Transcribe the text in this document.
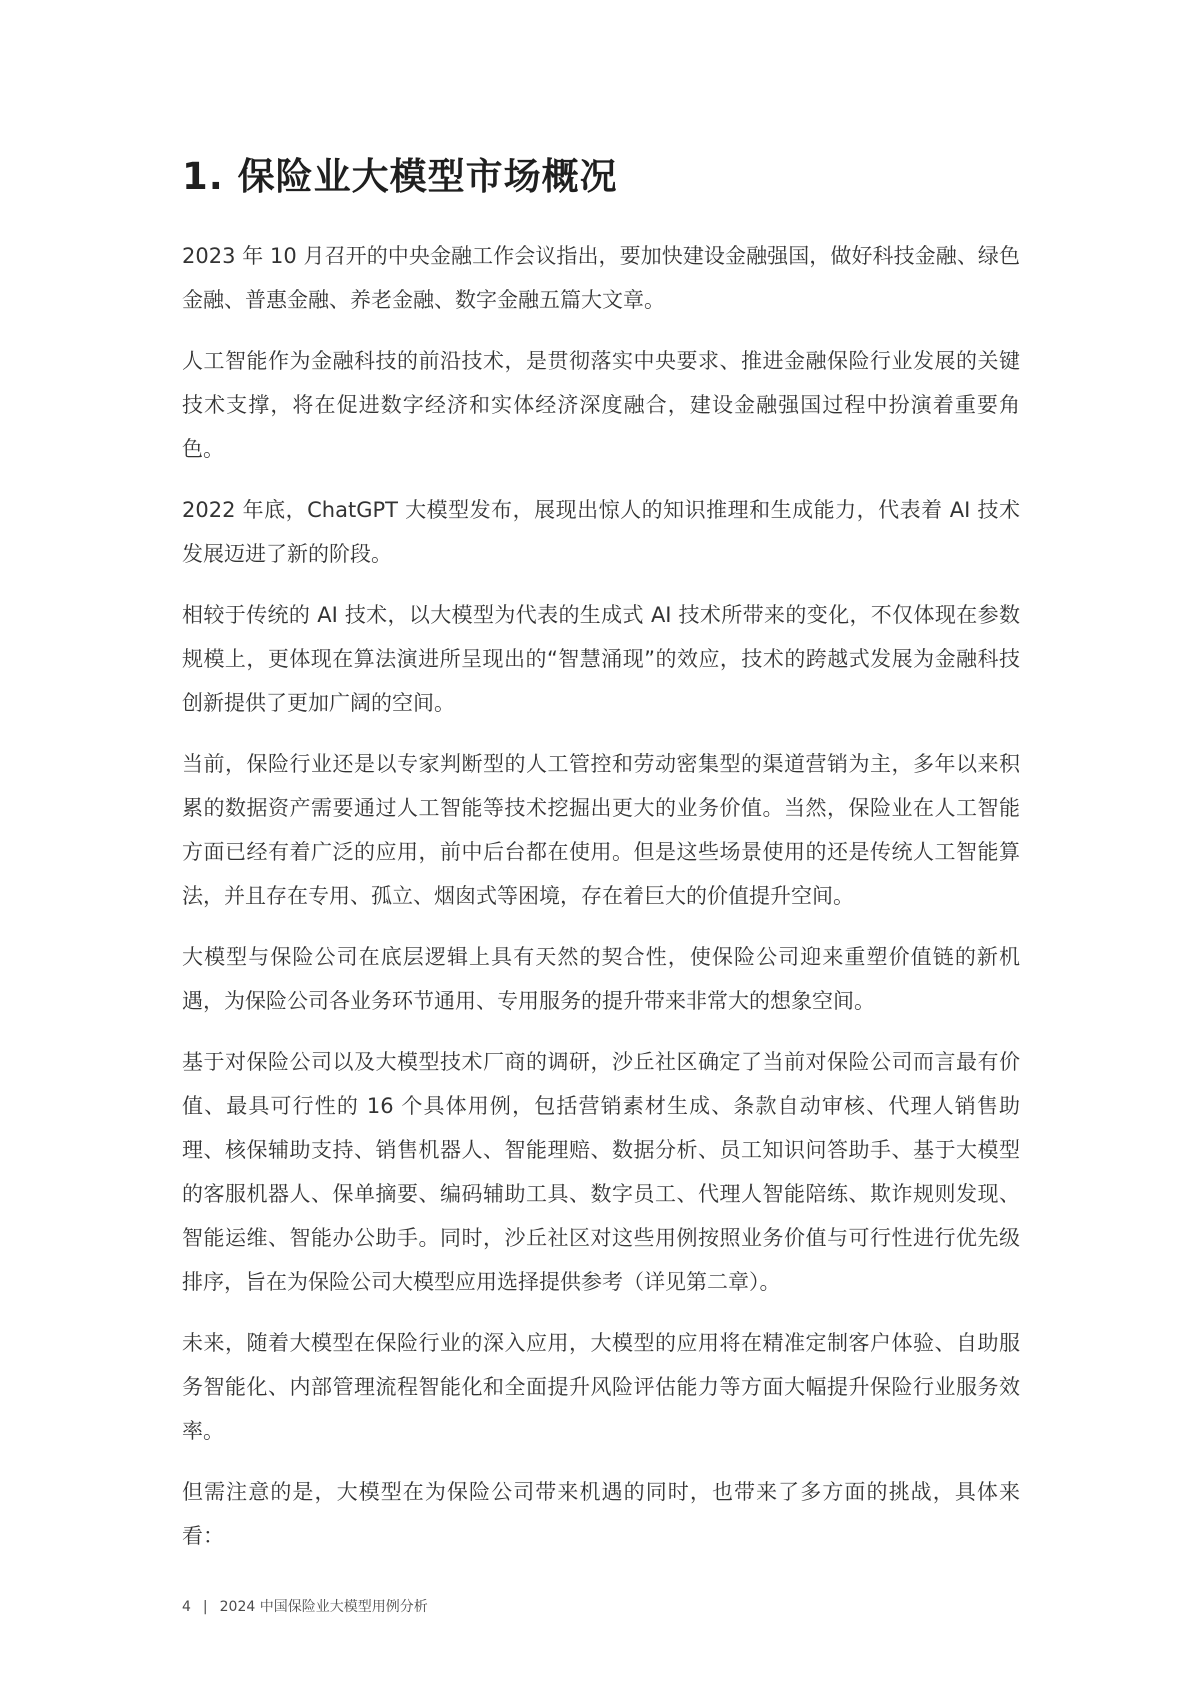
1. 保险业大模型市场概况

2023 年 10 月召开的中央金融工作会议指出，要加快建设金融强国，做好科技金融、绿色金融、普惠金融、养老金融、数字金融五篇大文章。

人工智能作为金融科技的前沿技术，是贯彻落实中央要求、推进金融保险行业发展的关键技术支撑，将在促进数字经济和实体经济深度融合，建设金融强国过程中扮演着重要角色。

2022 年底，ChatGPT 大模型发布，展现出惊人的知识推理和生成能力，代表着 AI 技术发展迈进了新的阶段。

相较于传统的 AI 技术，以大模型为代表的生成式 AI 技术所带来的变化，不仅体现在参数规模上，更体现在算法演进所呈现出的“智慧涌现”的效应，技术的跨越式发展为金融科技创新提供了更加广阔的空间。

当前，保险行业还是以专家判断型的人工管控和劳动密集型的渠道营销为主，多年以来积累的数据资产需要通过人工智能等技术挖掘出更大的业务价值。当然，保险业在人工智能方面已经有着广泛的应用，前中后台都在使用。但是这些场景使用的还是传统人工智能算法，并且存在专用、孤立、烟囱式等困境，存在着巨大的价值提升空间。

大模型与保险公司在底层逻辑上具有天然的契合性，使保险公司迎来重塑价值链的新机遇，为保险公司各业务环节通用、专用服务的提升带来非常大的想象空间。

基于对保险公司以及大模型技术厂商的调研，沙丘社区确定了当前对保险公司而言最有价值、最具可行性的 16 个具体用例，包括营销素材生成、条款自动审核、代理人销售助理、核保辅助支持、销售机器人、智能理赔、数据分析、员工知识问答助手、基于大模型的客服机器人、保单摘要、编码辅助工具、数字员工、代理人智能陪练、欺诈规则发现、智能运维、智能办公助手。同时，沙丘社区对这些用例按照业务价值与可行性进行优先级排序，旨在为保险公司大模型应用选择提供参考（详见第二章）。

未来，随着大模型在保险行业的深入应用，大模型的应用将在精准定制客户体验、自助服务智能化、内部管理流程智能化和全面提升风险评估能力等方面大幅提升保险行业服务效率。

但需注意的是，大模型在为保险公司带来机遇的同时，也带来了多方面的挑战，具体来看：

4 | 2024 中国保险业大模型用例分析
